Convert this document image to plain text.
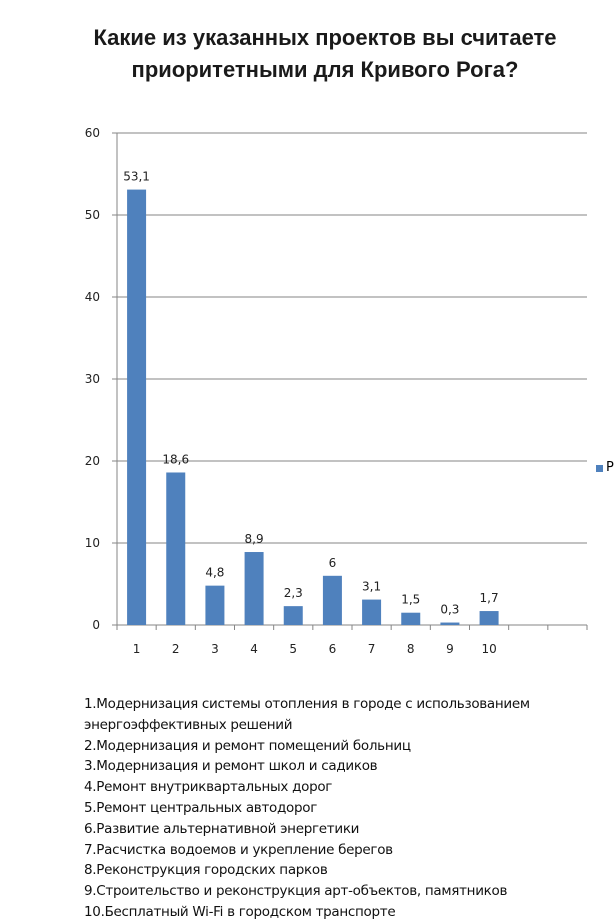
Какие из указанных проектов вы считаете
приоритетными для Кривого Рога?
53,1
18,6
4,8
8,9
2,3
6
3,1
1,5
0,3
1,7
0
10
20
30
40
50
60
1	2	3	4	5	6	7	8	9 10
Р
1.Модернизация системы отопления в городе с использованием
энергоэффективных решений
2.Модернизация и ремонт помещений больниц
3.Модернизация и ремонт школ и садиков
4.Ремонт внутриквартальных дорог
5.Ремонт центральных автодорог
6.Развитие альтернативной энергетики
7.Расчистка водоемов и укрепление берегов
8.Реконструкция городских парков
9.Строительство и реконструкция арт-объектов, памятников
10.Бесплатный Wi-Fi в городском транспорте
